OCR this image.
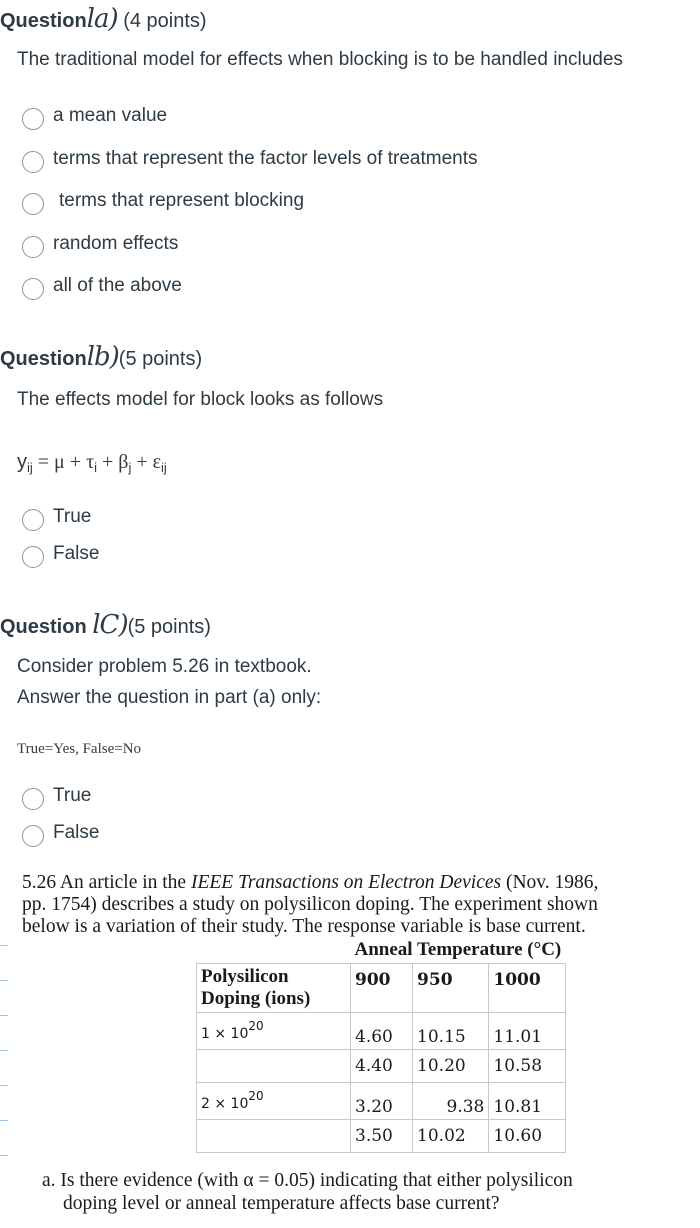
Questionla) (4 points)
The traditional model for effects when blocking is to be handled includes
a mean value
terms that represent the factor levels of treatments
terms that represent blocking
random effects
all of the above
Questionlb)(5 points)
The effects model for block looks as follows
$y_{ij} = \mu + \tau_i + \beta_j + \varepsilon_{ij}$
True
False
Question lC)(5 points)
Consider problem 5.26 in textbook.
Answer the question in part (a) only:
True=Yes, False=No
True
False
5.26 An article in the IEEE Transactions on Electron Devices (Nov. 1986,
pp. 1754) describes a study on polysilicon doping. The experiment shown
below is a variation of their study. The response variable is base current.
	Anneal Temperature (°C)		

Polysilicon
Doping (ions)	900	950	1000
1 × 1020	4.60	10.15	11.01
	4.40	10.20	10.58
2 × 1020	3.20	9.38	10.81
	3.50	10.02	10.60
a. Is there evidence (with α = 0.05) indicating that either polysilicon
doping level or anneal temperature affects base current?
